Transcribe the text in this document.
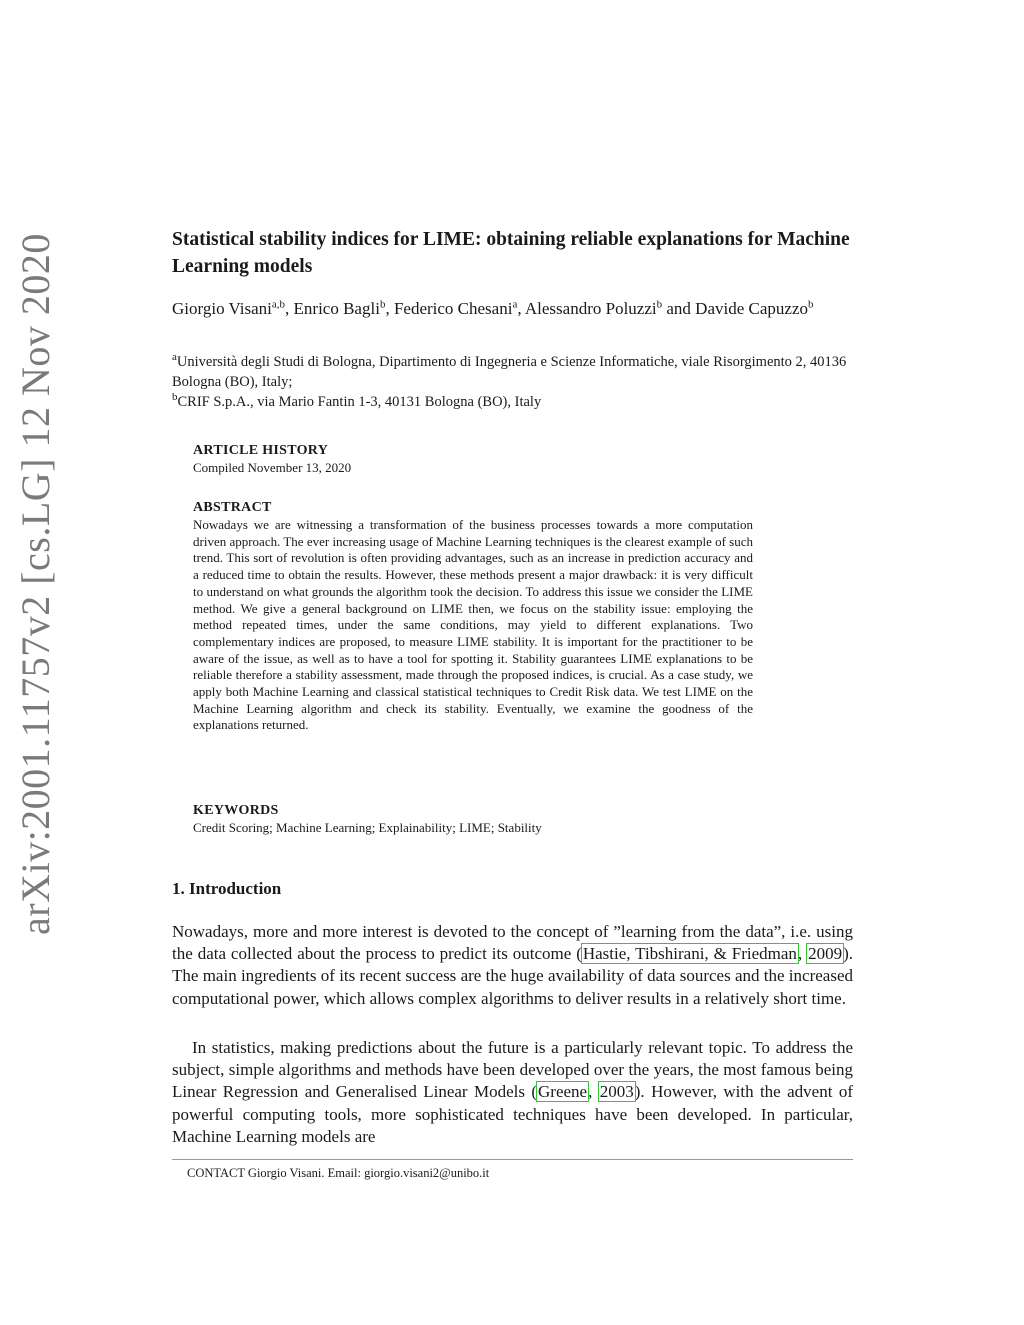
arXiv:2001.11757v2 [cs.LG] 12 Nov 2020	Statistical stability indices for LIME: obtaining reliable explanations for Machine Learning models
Giorgio Visani$^{a,b}$, Enrico Bagli$^b$, Federico Chesani$^a$, Alessandro Poluzzi$^b$ and Davide Capuzzo$^b$
$^a$Università degli Studi di Bologna, Dipartimento di Ingegneria e Scienze Informatiche, viale Risorgimento 2, 40136 Bologna (BO), Italy;
$^b$CRIF S.p.A., via Mario Fantin 1-3, 40131 Bologna (BO), Italy
ARTICLE HISTORY
Compiled November 13, 2020
ABSTRACT
Nowadays we are witnessing a transformation of the business processes towards a more computation driven approach. The ever increasing usage of Machine Learning techniques is the clearest example of such trend. This sort of revolution is often providing advantages, such as an increase in prediction accuracy and a reduced time to obtain the results. However, these methods present a major drawback: it is very difficult to understand on what grounds the algorithm took the decision. To address this issue we consider the LIME method. We give a general background on LIME then, we focus on the stability issue: employing the method repeated times, under the same conditions, may yield to different explanations. Two complementary indices are proposed, to measure LIME stability. It is important for the practitioner to be aware of the issue, as well as to have a tool for spotting it. Stability guarantees LIME explanations to be reliable therefore a stability assessment, made through the proposed indices, is crucial. As a case study, we apply both Machine Learning and classical statistical techniques to Credit Risk data. We test LIME on the Machine Learning algorithm and check its stability. Eventually, we examine the goodness of the explanations returned.
KEYWORDS
Credit Scoring; Machine Learning; Explainability; LIME; Stability
1. Introduction
Nowadays, more and more interest is devoted to the concept of ”learning from the data”, i.e. using the data collected about the process to predict its outcome (Hastie, Tibshirani, & Friedman, 2009). The main ingredients of its recent success are the huge availability of data sources and the increased computational power, which allows complex algorithms to deliver results in a relatively short time.
In statistics, making predictions about the future is a particularly relevant topic. To address the subject, simple algorithms and methods have been developed over the years, the most famous being Linear Regression and Generalised Linear Models (Greene, 2003). However, with the advent of powerful computing tools, more sophisticated techniques have been developed. In particular, Machine Learning models are
CONTACT Giorgio Visani. Email: giorgio.visani2@unibo.it
